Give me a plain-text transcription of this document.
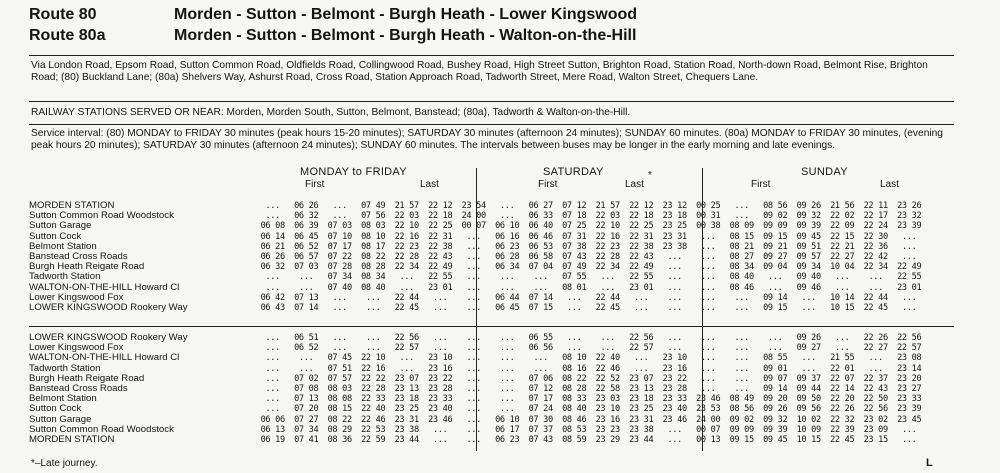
Route 80	Morden - Sutton - Belmont - Burgh Heath - Lower Kingswood
Route 80a	Morden - Sutton - Belmont - Burgh Heath - Walton-on-the-Hill
Via London Road, Epsom Road, Sutton Common Road, Oldfields Road, Collingwood Road, Bushey Road, High Street Sutton, Brighton Road, Station Road, North-down Road, Belmont Rise, Brighton Road; (80) Buckland Lane; (80a) Shelvers Way, Ashurst Road, Cross Road, Station Approach Road, Tadworth Street, Mere Road, Walton Street, Chequers Lane.
RAILWAY STATIONS SERVED OR NEAR: Morden, Morden South, Sutton, Belmont, Banstead; (80a), Tadworth & Walton-on-the-Hill.
Service interval: (80) MONDAY to FRIDAY 30 minutes (peak hours 15-20 minutes); SATURDAY 30 minutes (afternoon 24 minutes); SUNDAY 60 minutes. (80a) MONDAY to FRIDAY 30 minutes, (evening peak hours 20 minutes); SATURDAY 30 minutes (afternoon 24 minutes); SUNDAY 60 minutes. The intervals between buses may be longer in the early morning and late evenings.
MONDAY to FRIDAY	SATURDAY	SUNDAY
First	Last	First	Last
*
First	Last
MORDEN STATION	...	06 26	...	07 49	21 57	22 12	23 54	...	06 27	07 12	21 57	22 12	23 12	00 25	...	08 56	09 26	21 56	22 11	23 26
Sutton Common Road Woodstock	...	06 32	...	07 56	22 03	22 18	24 00	...	06 33	07 18	22 03	22 18	23 18	00 31	...	09 02	09 32	22 02	22 17	23 32
Sutton Garage	06 08	06 39	07 03	08 03	22 10	22 25	00 07	06 10	06 40	07 25	22 10	22 25	23 25	00 38	08 09	09 09	09 39	22 09	22 24	23 39
Sutton Cock	06 14	06 45	07 10	08 10	22 16	22 31	...	06 16	06 46	07 31	22 16	22 31	23 31	...	08 15	09 15	09 45	22 15	22 30	...
Belmont Station	06 21	06 52	07 17	08 17	22 23	22 38	...	06 23	06 53	07 38	22 23	22 38	23 38	...	08 21	09 21	09 51	22 21	22 36	...
Banstead Cross Roads	06 26	06 57	07 22	08 22	22 28	22 43	...	06 28	06 58	07 43	22 28	22 43	...	...	08 27	09 27	09 57	22 27	22 42	...
Burgh Heath Reigate Road	06 32	07 03	07 28	08 28	22 34	22 49	...	06 34	07 04	07 49	22 34	22 49	...	...	08 34	09 04	09 34	10 04	22 34	22 49
Tadworth Station	...	...	07 34	08 34	...	22 55	...	...	...	07 55	...	22 55	...	...	08 40	...	09 40	...	...	22 55
WALTON-ON-THE-HILL Howard Cl	...	...	07 40	08 40	...	23 01	...	...	...	08 01	...	23 01	...	...	08 46	...	09 46	...	...	23 01
Lower Kingswood Fox	06 42	07 13	...	...	22 44	...	...	06 44	07 14	...	22 44	...	...	...	...	09 14	...	10 14	22 44	...
LOWER KINGSWOOD Rookery Way	06 43	07 14	...	...	22 45	...	...	06 45	07 15	...	22 45	...	...	...	...	09 15	...	10 15	22 45	...
LOWER KINGSWOOD Rookery Way	...	06 51	...	...	22 56	...	...	...	06 55	...	...	22 56	...	...	...	...	09 26	...	22 26	22 56
Lower Kingswood Fox	...	06 52	...	...	22 57	...	...	...	06 56	...	...	22 57	...	...	...	...	09 27	...	22 27	22 57
WALTON-ON-THE-HILL Howard Cl	...	...	07 45	22 10	...	23 10	...	...	...	08 10	22 40	...	23 10	...	...	08 55	...	21 55	...	23 08
Tadworth Station	...	...	07 51	22 16	...	23 16	...	...	...	08 16	22 46	...	23 16	...	...	09 01	...	22 01	...	23 14
Burgh Heath Reigate Road	...	07 02	07 57	22 22	23 07	23 22	...	...	07 06	08 22	22 52	23 07	23 22	...	...	09 07	09 37	22 07	22 37	23 20
Banstead Cross Roads	...	07 08	08 03	22 28	23 13	23 28	...	...	07 12	08 28	22 58	23 13	23 28	...	...	09 14	09 44	22 14	22 43	23 27
Belmont Station	...	07 13	08 08	22 33	23 18	23 33	...	...	07 17	08 33	23 03	23 18	23 33	23 46	08 49	09 20	09 50	22 20	22 50	23 33
Sutton Cock	...	07 20	08 15	22 40	23 25	23 40	...	...	07 24	08 40	23 10	23 25	23 40	23 53	08 56	09 26	09 56	22 26	22 56	23 39
Sutton Garage	06 06	07 27	08 22	22 46	23 31	23 46	...	06 10	07 30	08 46	23 16	23 31	23 46	24 00	09 02	09 32	10 02	22 32	23 02	23 45
Sutton Common Road Woodstock	06 13	07 34	08 29	22 53	23 38	...	...	06 17	07 37	08 53	23 23	23 38	...	00 07	09 09	09 39	10 09	22 39	23 09	...
MORDEN STATION	06 19	07 41	08 36	22 59	23 44	...	...	06 23	07 43	08 59	23 29	23 44	...	00 13	09 15	09 45	10 15	22 45	23 15	...
*–Late journey.	L
